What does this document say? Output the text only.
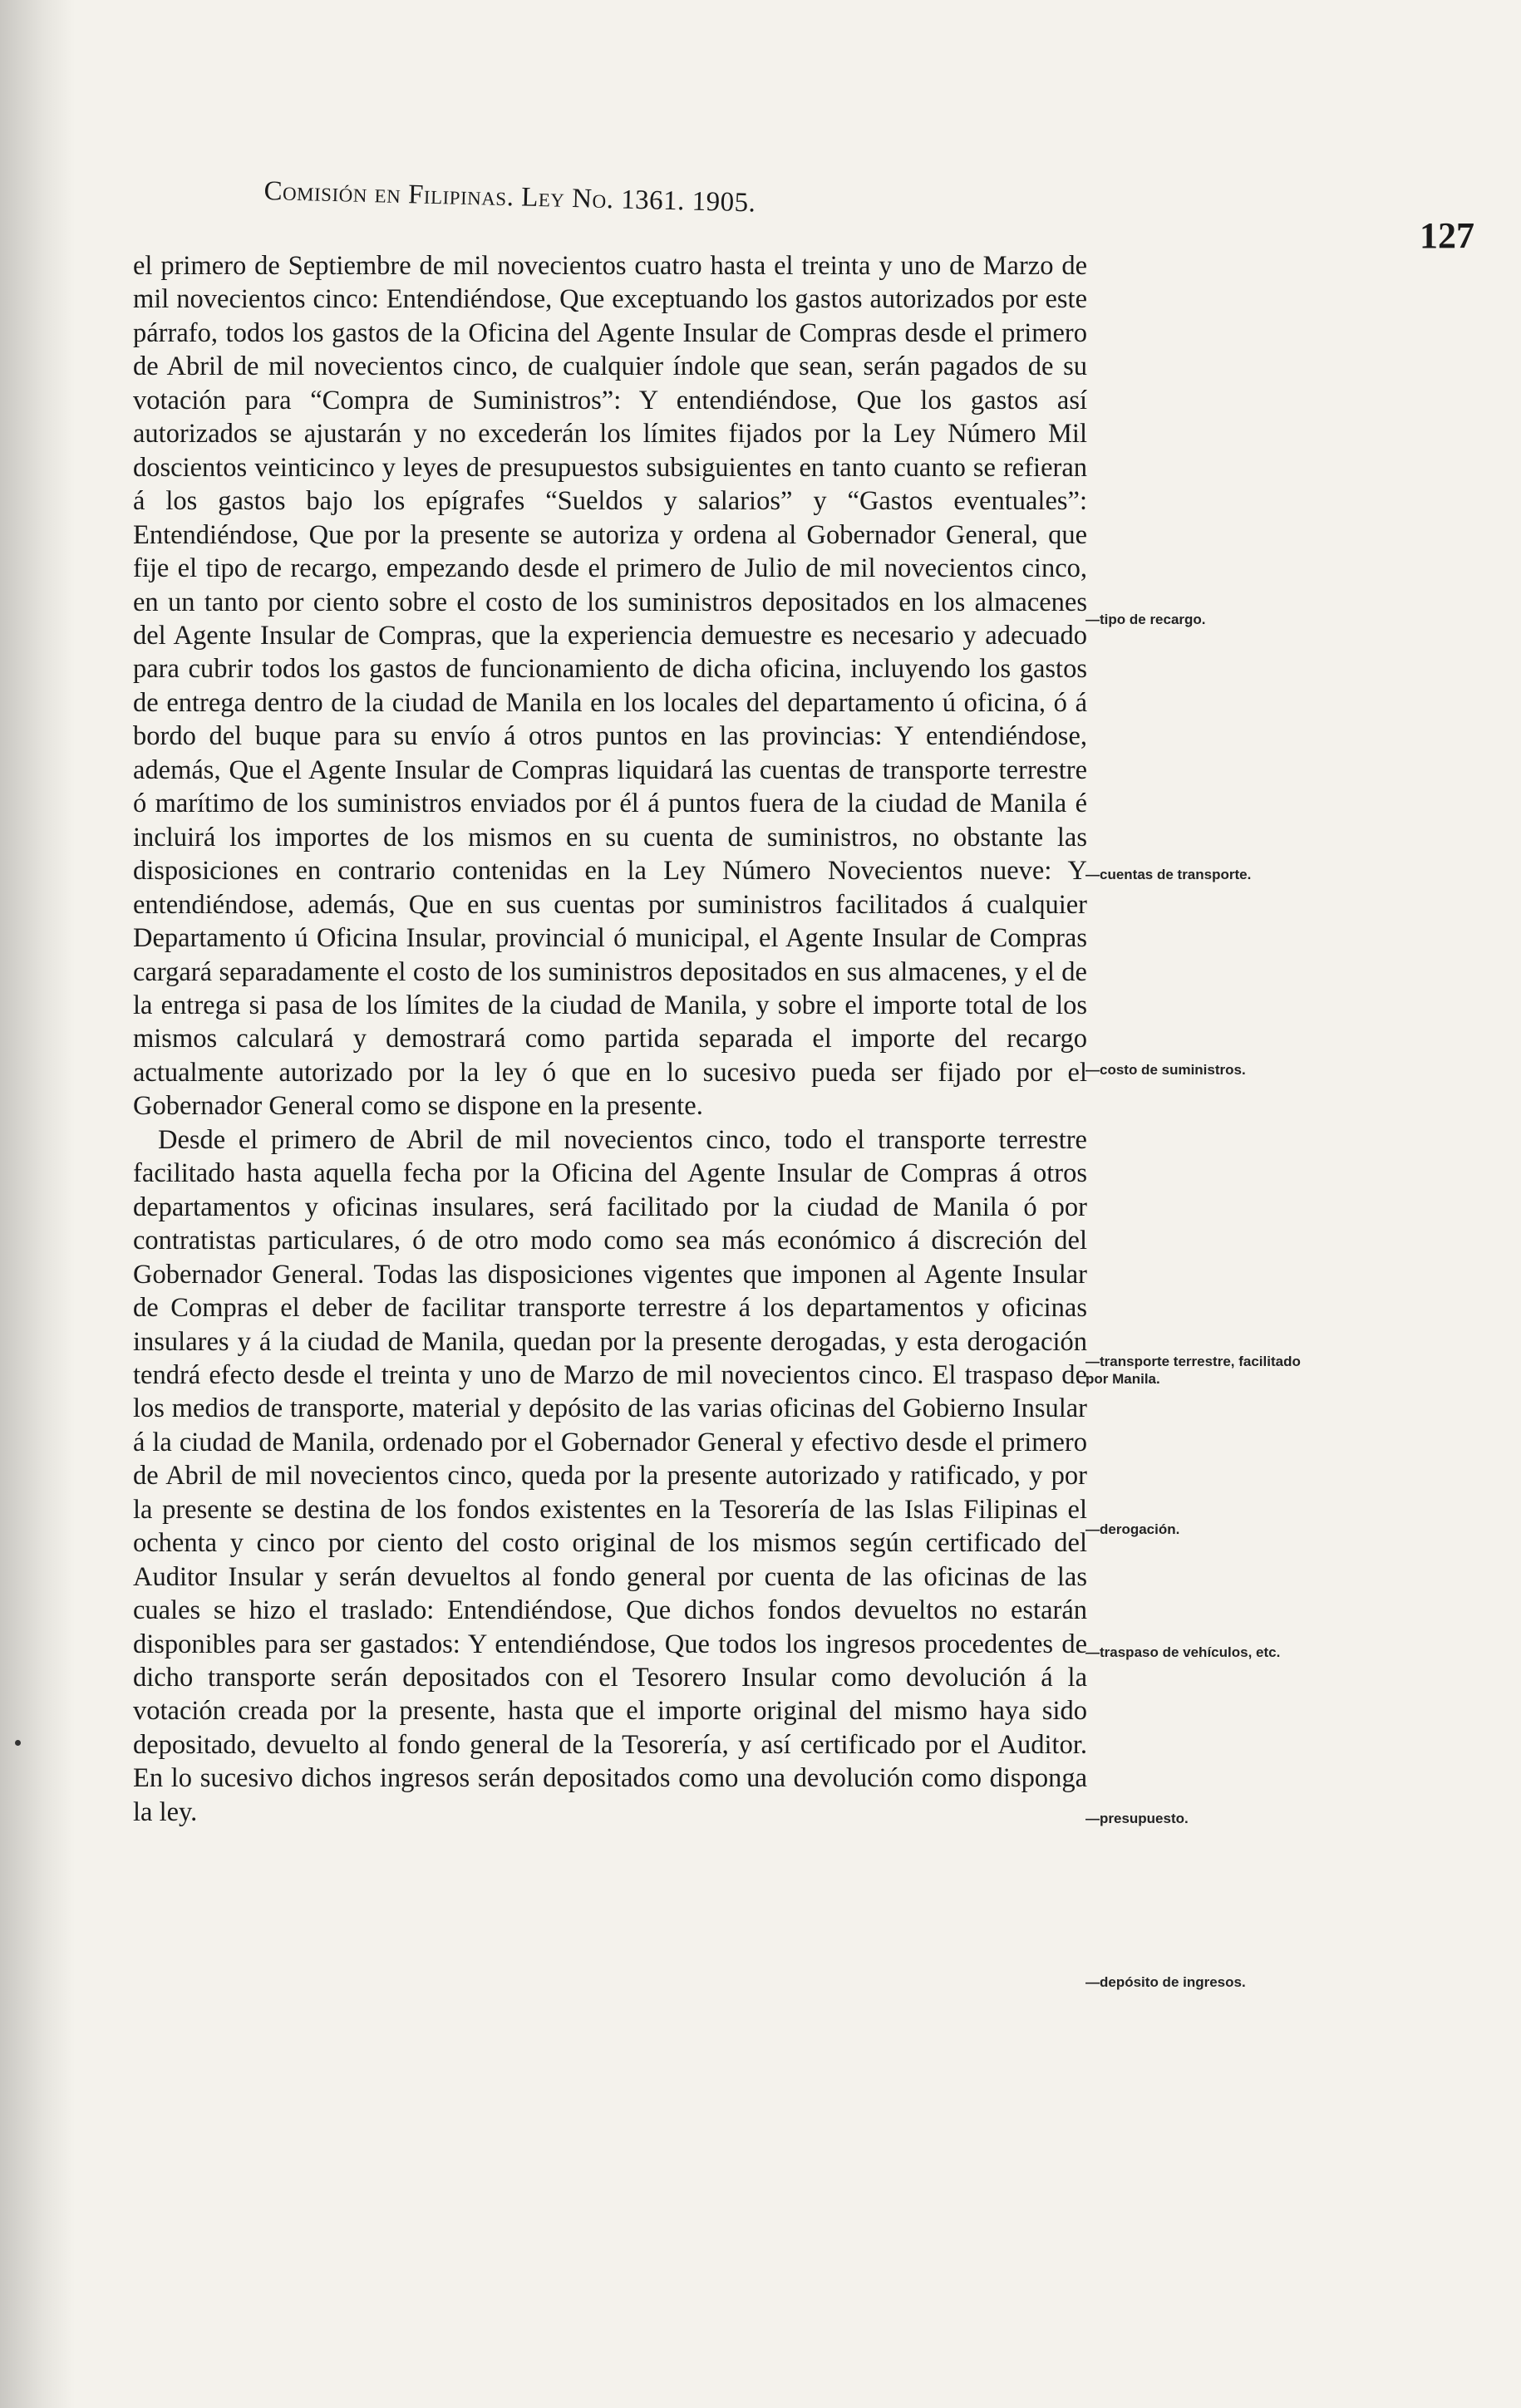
Comisión en Filipinas. Ley No. 1361. 1905.
127

el primero de Septiembre de mil novecientos cuatro hasta el treinta y uno de Marzo de mil novecientos cinco: Entendiéndose, Que exceptuando los gastos autorizados por este párrafo, todos los gastos de la Oficina del Agente Insular de Compras desde el primero de Abril de mil novecientos cinco, de cualquier índole que sean, serán pagados de su votación para “Compra de Suministros”: Y entendiéndose, Que los gastos así autorizados se ajustarán y no excederán los límites fijados por la Ley Número Mil doscientos veinticinco y leyes de presupuestos subsiguientes en tanto cuanto se refieran á los gastos bajo los epígrafes “Sueldos y salarios” y “Gastos eventuales”: Entendiéndose, Que por la presente se autoriza y ordena al Gobernador General, que fije el tipo de recargo, empezando desde el primero de Julio de mil novecientos cinco, en un tanto por ciento sobre el costo de los suministros depositados en los almacenes del Agente Insular de Compras, que la experiencia demuestre es necesario y adecuado para cubrir todos los gastos de funcionamiento de dicha oficina, incluyendo los gastos de entrega dentro de la ciudad de Manila en los locales del departamento ú oficina, ó á bordo del buque para su envío á otros puntos en las provincias: Y entendiéndose, además, Que el Agente Insular de Compras liquidará las cuentas de transporte terrestre ó marítimo de los suministros enviados por él á puntos fuera de la ciudad de Manila é incluirá los importes de los mismos en su cuenta de suministros, no obstante las disposiciones en contrario contenidas en la Ley Número Novecientos nueve: Y entendiéndose, además, Que en sus cuentas por suministros facilitados á cualquier Departamento ú Oficina Insular, provincial ó municipal, el Agente Insular de Compras cargará separadamente el costo de los suministros depositados en sus almacenes, y el de la entrega si pasa de los límites de la ciudad de Manila, y sobre el importe total de los mismos calculará y demostrará como partida separada el importe del recargo actualmente autorizado por la ley ó que en lo sucesivo pueda ser fijado por el Gobernador General como se dispone en la presente.

Desde el primero de Abril de mil novecientos cinco, todo el transporte terrestre facilitado hasta aquella fecha por la Oficina del Agente Insular de Compras á otros departamentos y oficinas insulares, será facilitado por la ciudad de Manila ó por contratistas particulares, ó de otro modo como sea más económico á discreción del Gobernador General. Todas las disposiciones vigentes que imponen al Agente Insular de Compras el deber de facilitar transporte terrestre á los departamentos y oficinas insulares y á la ciudad de Manila, quedan por la presente derogadas, y esta derogación tendrá efecto desde el treinta y uno de Marzo de mil novecientos cinco. El traspaso de los medios de transporte, material y depósito de las varias oficinas del Gobierno Insular á la ciudad de Manila, ordenado por el Gobernador General y efectivo desde el primero de Abril de mil novecientos cinco, queda por la presente autorizado y ratificado, y por la presente se destina de los fondos existentes en la Tesorería de las Islas Filipinas el ochenta y cinco por ciento del costo original de los mismos según certificado del Auditor Insular y serán devueltos al fondo general por cuenta de las oficinas de las cuales se hizo el traslado: Entendiéndose, Que dichos fondos devueltos no estarán disponibles para ser gastados: Y entendiéndose, Que todos los ingresos procedentes de dicho transporte serán depositados con el Tesorero Insular como devolución á la votación creada por la presente, hasta que el importe original del mismo haya sido depositado, devuelto al fondo general de la Tesorería, y así certificado por el Auditor. En lo sucesivo dichos ingresos serán depositados como una devolución como disponga la ley.

—tipo de recargo.
—cuentas de transporte.
—costo de suministros.
—transporte terrestre, facilitado por Manila.
—derogación.
—traspaso de vehículos, etc.
—presupuesto.
—depósito de ingresos.
